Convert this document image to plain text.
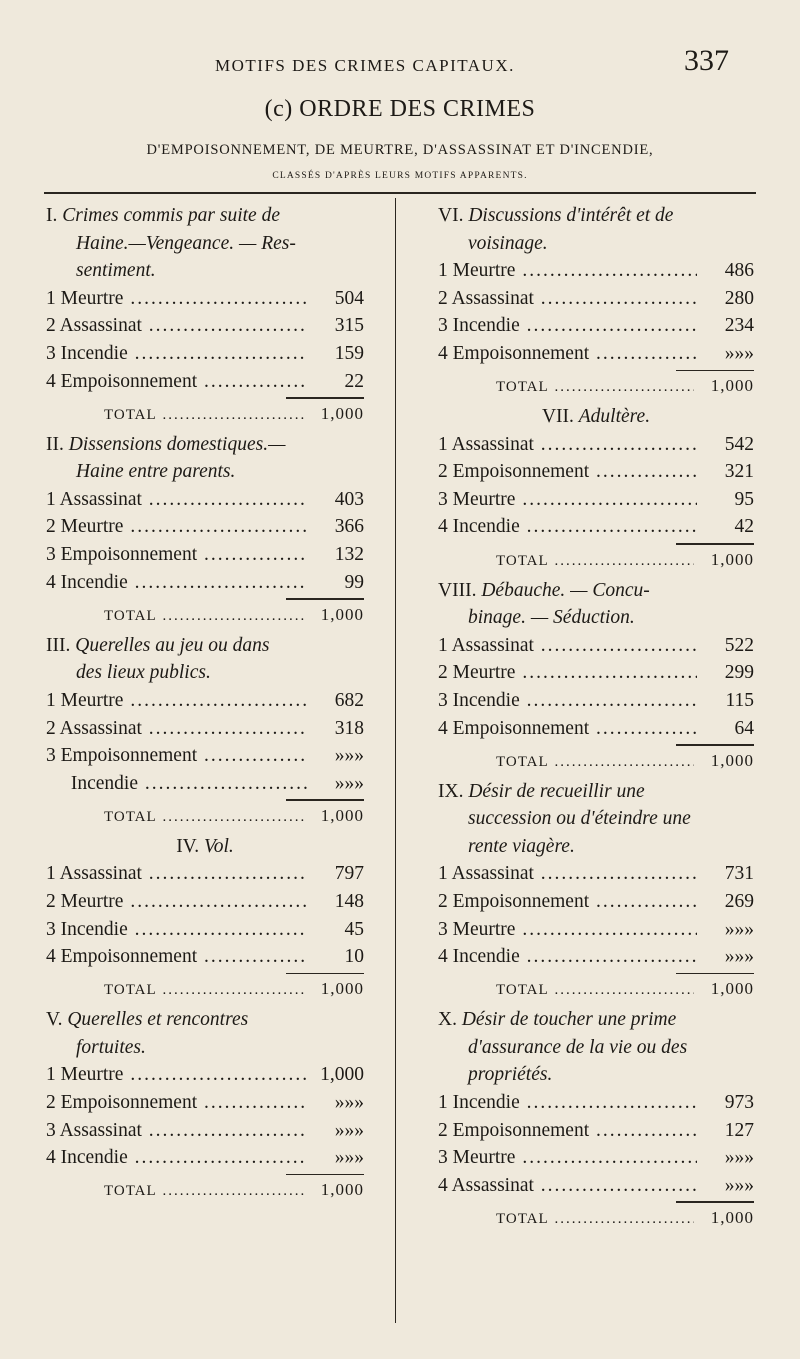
MOTIFS DES CRIMES CAPITAUX.	337
(c) ORDRE DES CRIMES
D'EMPOISONNEMENT, DE MEURTRE, D'ASSASSINAT ET D'INCENDIE,
CLASSÉS D'APRÈS LEURS MOTIFS APPARENTS.
I. Crimes commis par suite de
Haine.—Vengeance. — Res-
sentiment.
1 Meurtre .....	504
2 Assassinat .....	315
3 Incendie .....	159
4 Empoisonnement .....	22
TOTAL .....	1,000
II. Dissensions domestiques.—
Haine entre parents.
1 Assassinat .....	403
2 Meurtre .....	366
3 Empoisonnement .....	132
4 Incendie .....	99
TOTAL .....	1,000
III. Querelles au jeu ou dans
des lieux publics.
1 Meurtre .....	682
2 Assassinat .....	318
3 Empoisonnement .....	»»»
Incendie .....	»»»
TOTAL .....	1,000
IV. Vol.
1 Assassinat .....	797
2 Meurtre .....	148
3 Incendie .....	45
4 Empoisonnement .....	10
TOTAL .....	1,000
V. Querelles et rencontres
fortuites.
1 Meurtre .....	1,000
2 Empoisonnement .....	»»»
3 Assassinat .....	»»»
4 Incendie .....	»»»
TOTAL .....	1,000
VI. Discussions d'intérêt et de
voisinage.
1 Meurtre .....	486
2 Assassinat .....	280
3 Incendie .....	234
4 Empoisonnement .....	»»»
TOTAL .....	1,000
VII. Adultère.
1 Assassinat .....	542
2 Empoisonnement .....	321
3 Meurtre .....	95
4 Incendie .....	42
TOTAL .....	1,000
VIII. Débauche. — Concu-
binage. — Séduction.
1 Assassinat .....	522
2 Meurtre .....	299
3 Incendie .....	115
4 Empoisonnement .....	64
TOTAL .....	1,000
IX. Désir de recueillir une
succession ou d'éteindre une
rente viagère.
1 Assassinat .....	731
2 Empoisonnement .....	269
3 Meurtre .....	»»»
4 Incendie .....	»»»
TOTAL .....	1,000
X. Désir de toucher une prime
d'assurance de la vie ou des
propriétés.
1 Incendie .....	973
2 Empoisonnement .....	127
3 Meurtre .....	»»»
4 Assassinat .....	»»»
TOTAL .....	1,000
